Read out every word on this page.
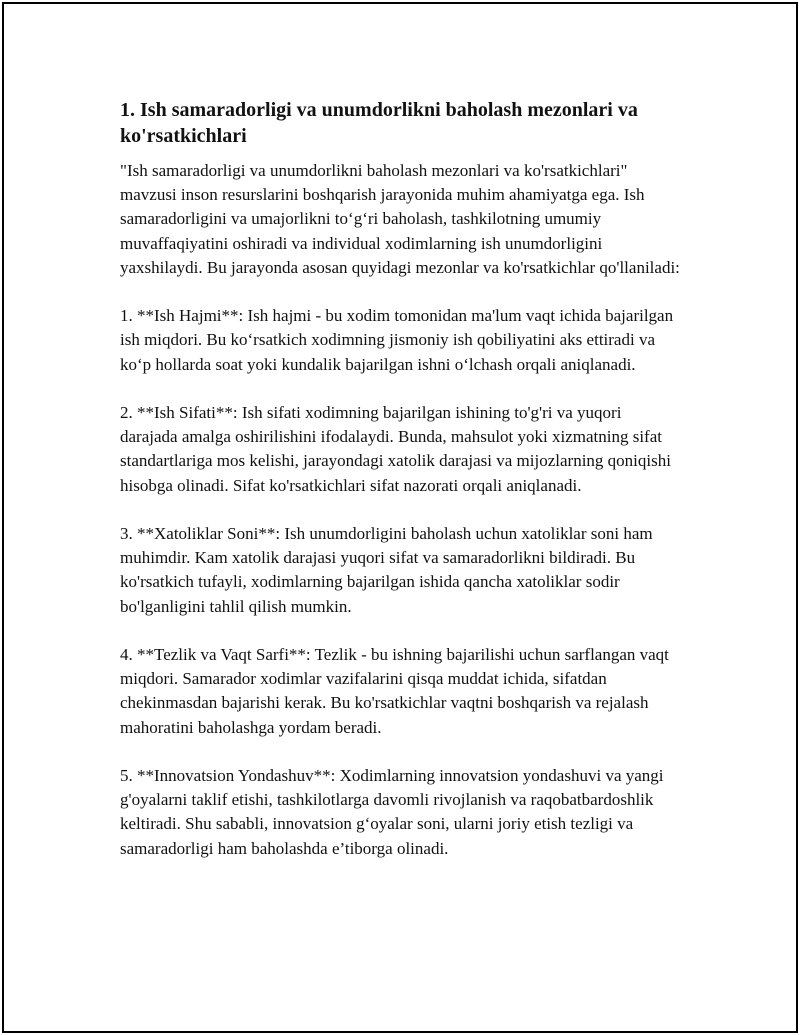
1. Ish samaradorligi va unumdorlikni baholash mezonlari va ko'rsatkichlari

"Ish samaradorligi va unumdorlikni baholash mezonlari va ko'rsatkichlari" mavzusi inson resurslarini boshqarish jarayonida muhim ahamiyatga ega. Ish samaradorligini va umajorlikni to‘g‘ri baholash, tashkilotning umumiy muvaffaqiyatini oshiradi va individual xodimlarning ish unumdorligini yaxshilaydi. Bu jarayonda asosan quyidagi mezonlar va ko'rsatkichlar qo'llaniladi:

1. **Ish Hajmi**: Ish hajmi - bu xodim tomonidan ma'lum vaqt ichida bajarilgan ish miqdori. Bu ko‘rsatkich xodimning jismoniy ish qobiliyatini aks ettiradi va ko‘p hollarda soat yoki kundalik bajarilgan ishni o‘lchash orqali aniqlanadi.

2. **Ish Sifati**: Ish sifati xodimning bajarilgan ishining to'g'ri va yuqori darajada amalga oshirilishini ifodalaydi. Bunda, mahsulot yoki xizmatning sifat standartlariga mos kelishi, jarayondagi xatolik darajasi va mijozlarning qoniqishi hisobga olinadi. Sifat ko'rsatkichlari sifat nazorati orqali aniqlanadi.

3. **Xatoliklar Soni**: Ish unumdorligini baholash uchun xatoliklar soni ham muhimdir. Kam xatolik darajasi yuqori sifat va samaradorlikni bildiradi. Bu ko'rsatkich tufayli, xodimlarning bajarilgan ishida qancha xatoliklar sodir bo'lganligini tahlil qilish mumkin.

4. **Tezlik va Vaqt Sarfi**: Tezlik - bu ishning bajarilishi uchun sarflangan vaqt miqdori. Samarador xodimlar vazifalarini qisqa muddat ichida, sifatdan chekinmasdan bajarishi kerak. Bu ko'rsatkichlar vaqtni boshqarish va rejalash mahoratini baholashga yordam beradi.

5. **Innovatsion Yondashuv**: Xodimlarning innovatsion yondashuvi va yangi g'oyalarni taklif etishi, tashkilotlarga davomli rivojlanish va raqobatbardoshlik keltiradi. Shu sababli, innovatsion g‘oyalar soni, ularni joriy etish tezligi va samaradorligi ham baholashda e’tiborga olinadi.
